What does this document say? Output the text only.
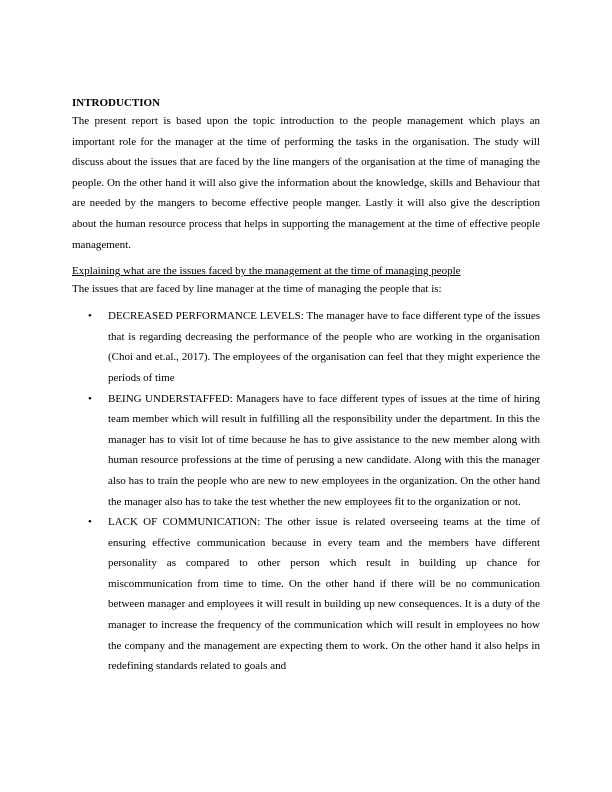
INTRODUCTION

The present report is based upon the topic introduction to the people management which plays an important role for the manager at the time of performing the tasks in the organisation. The study will discuss about the issues that are faced by the line mangers of the organisation at the time of managing the people. On the other hand it will also give the information about the knowledge, skills and Behaviour that are needed by the mangers to become effective people manger. Lastly it will also give the description about the human resource process that helps in supporting the management at the time of effective people management.

Explaining what are the issues faced by the management at the time of managing people

The issues that are faced by line manager at the time of managing the people that is:

• DECREASED PERFORMANCE LEVELS: The manager have to face different type of the issues that is regarding decreasing the performance of the people who are working in the organisation (Choi and et.al., 2017). The employees of the organisation can feel that they might experience the periods of time
• BEING UNDERSTAFFED: Managers have to face different types of issues at the time of hiring team member which will result in fulfilling all the responsibility under the department. In this the manager has to visit lot of time because he has to give assistance to the new member along with human resource professions at the time of perusing a new candidate. Along with this the manager also has to train the people who are new to new employees in the organization. On the other hand the manager also has to take the test whether the new employees fit to the organization or not.
• LACK OF COMMUNICATION: The other issue is related overseeing teams at the time of ensuring effective communication because in every team and the members have different personality as compared to other person which result in building up chance for miscommunication from time to time. On the other hand if there will be no communication between manager and employees it will result in building up new consequences. It is a duty of the manager to increase the frequency of the communication which will result in employees no how the company and the management are expecting them to work. On the other hand it also helps in redefining standards related to goals and
